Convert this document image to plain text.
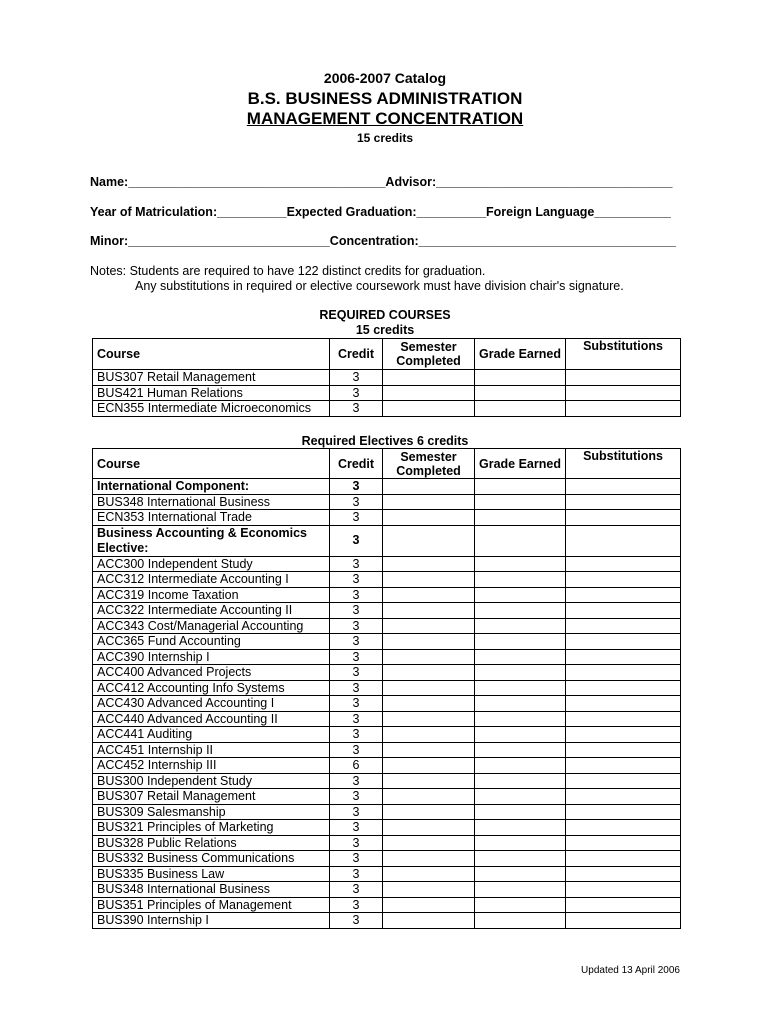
2006-2007 Catalog
B.S. BUSINESS ADMINISTRATION
MANAGEMENT CONCENTRATION
15 credits
Name:_____________________________________Advisor:__________________________________
Year of Matriculation:__________Expected Graduation:__________Foreign Language___________
Minor:_____________________________Concentration:_____________________________________
Notes: Students are required to have 122 distinct credits for graduation.
Any substitutions in required or elective coursework must have division chair's signature.
REQUIRED COURSES
15 credits
Course	Credit	Semester Completed	Grade Earned	Substitutions
BUS307 Retail Management	3			
BUS421 Human Relations	3			
ECN355 Intermediate Microeconomics	3			
Required Electives 6 credits
Course	Credit	Semester Completed	Grade Earned	Substitutions
International Component:	3			
BUS348 International Business	3			
ECN353 International Trade	3			
Business Accounting & Economics Elective:	3			
ACC300 Independent Study	3			
ACC312 Intermediate Accounting I	3			
ACC319 Income Taxation	3			
ACC322 Intermediate Accounting II	3			
ACC343 Cost/Managerial Accounting	3			
ACC365 Fund Accounting	3			
ACC390 Internship I	3			
ACC400 Advanced Projects	3			
ACC412 Accounting Info Systems	3			
ACC430 Advanced Accounting I	3			
ACC440 Advanced Accounting II	3			
ACC441 Auditing	3			
ACC451 Internship II	3			
ACC452 Internship III	6			
BUS300 Independent Study	3			
BUS307 Retail Management	3			
BUS309 Salesmanship	3			
BUS321 Principles of Marketing	3			
BUS328 Public Relations	3			
BUS332 Business Communications	3			
BUS335 Business Law	3			
BUS348 International Business	3			
BUS351 Principles of Management	3			
BUS390 Internship I	3			
Updated 13 April 2006
